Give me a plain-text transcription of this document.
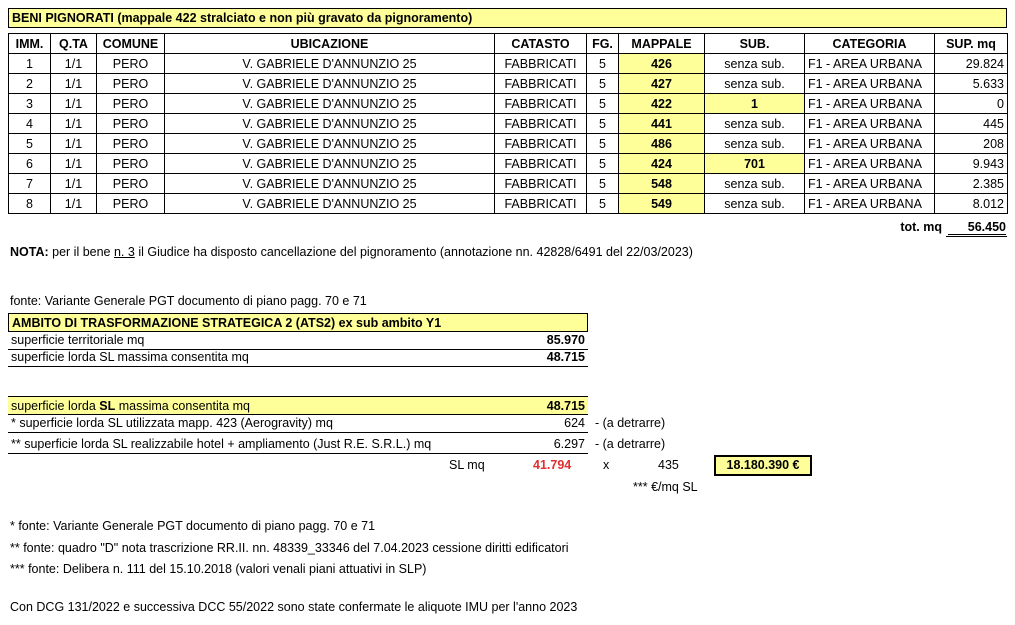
BENI PIGNORATI (mappale 422 stralciato e non più gravato da pignoramento)
IMM.	Q.TA	COMUNE	UBICAZIONE	CATASTO	FG.	MAPPALE	SUB.	CATEGORIA	SUP. mq
1	1/1	PERO	V. GABRIELE D'ANNUNZIO 25	FABBRICATI	5	426	senza sub.	F1 - AREA URBANA	29.824
2	1/1	PERO	V. GABRIELE D'ANNUNZIO 25	FABBRICATI	5	427	senza sub.	F1 - AREA URBANA	5.633
3	1/1	PERO	V. GABRIELE D'ANNUNZIO 25	FABBRICATI	5	422	1	F1 - AREA URBANA	0
4	1/1	PERO	V. GABRIELE D'ANNUNZIO 25	FABBRICATI	5	441	senza sub.	F1 - AREA URBANA	445
5	1/1	PERO	V. GABRIELE D'ANNUNZIO 25	FABBRICATI	5	486	senza sub.	F1 - AREA URBANA	208
6	1/1	PERO	V. GABRIELE D'ANNUNZIO 25	FABBRICATI	5	424	701	F1 - AREA URBANA	9.943
7	1/1	PERO	V. GABRIELE D'ANNUNZIO 25	FABBRICATI	5	548	senza sub.	F1 - AREA URBANA	2.385
8	1/1	PERO	V. GABRIELE D'ANNUNZIO 25	FABBRICATI	5	549	senza sub.	F1 - AREA URBANA	8.012
tot. mq	56.450
NOTA: per il bene n. 3 il Giudice ha disposto cancellazione del pignoramento (annotazione nn. 42828/6491 del 22/03/2023)
fonte: Variante Generale PGT documento di piano pagg. 70 e 71
AMBITO DI TRASFORMAZIONE STRATEGICA 2 (ATS2) ex sub ambito Y1
superficie territoriale mq	85.970
superficie lorda SL massima consentita mq	48.715
superficie lorda SL massima consentita mq	48.715
* superficie lorda SL utilizzata mapp. 423 (Aerogravity) mq	624 - (a detrarre)
** superficie lorda SL realizzabile hotel + ampliamento (Just R.E. S.R.L.) mq	6.297 - (a detrarre)
SL mq	41.794	x	435	18.180.390 €
*** €/mq SL
* fonte: Variante Generale PGT documento di piano pagg. 70 e 71
** fonte: quadro "D" nota trascrizione RR.II. nn. 48339_33346 del 7.04.2023 cessione diritti edificatori
*** fonte: Delibera n. 111 del 15.10.2018 (valori venali piani attuativi in SLP)
Con DCG 131/2022 e successiva DCC 55/2022 sono state confermate le aliquote IMU per l'anno 2023
